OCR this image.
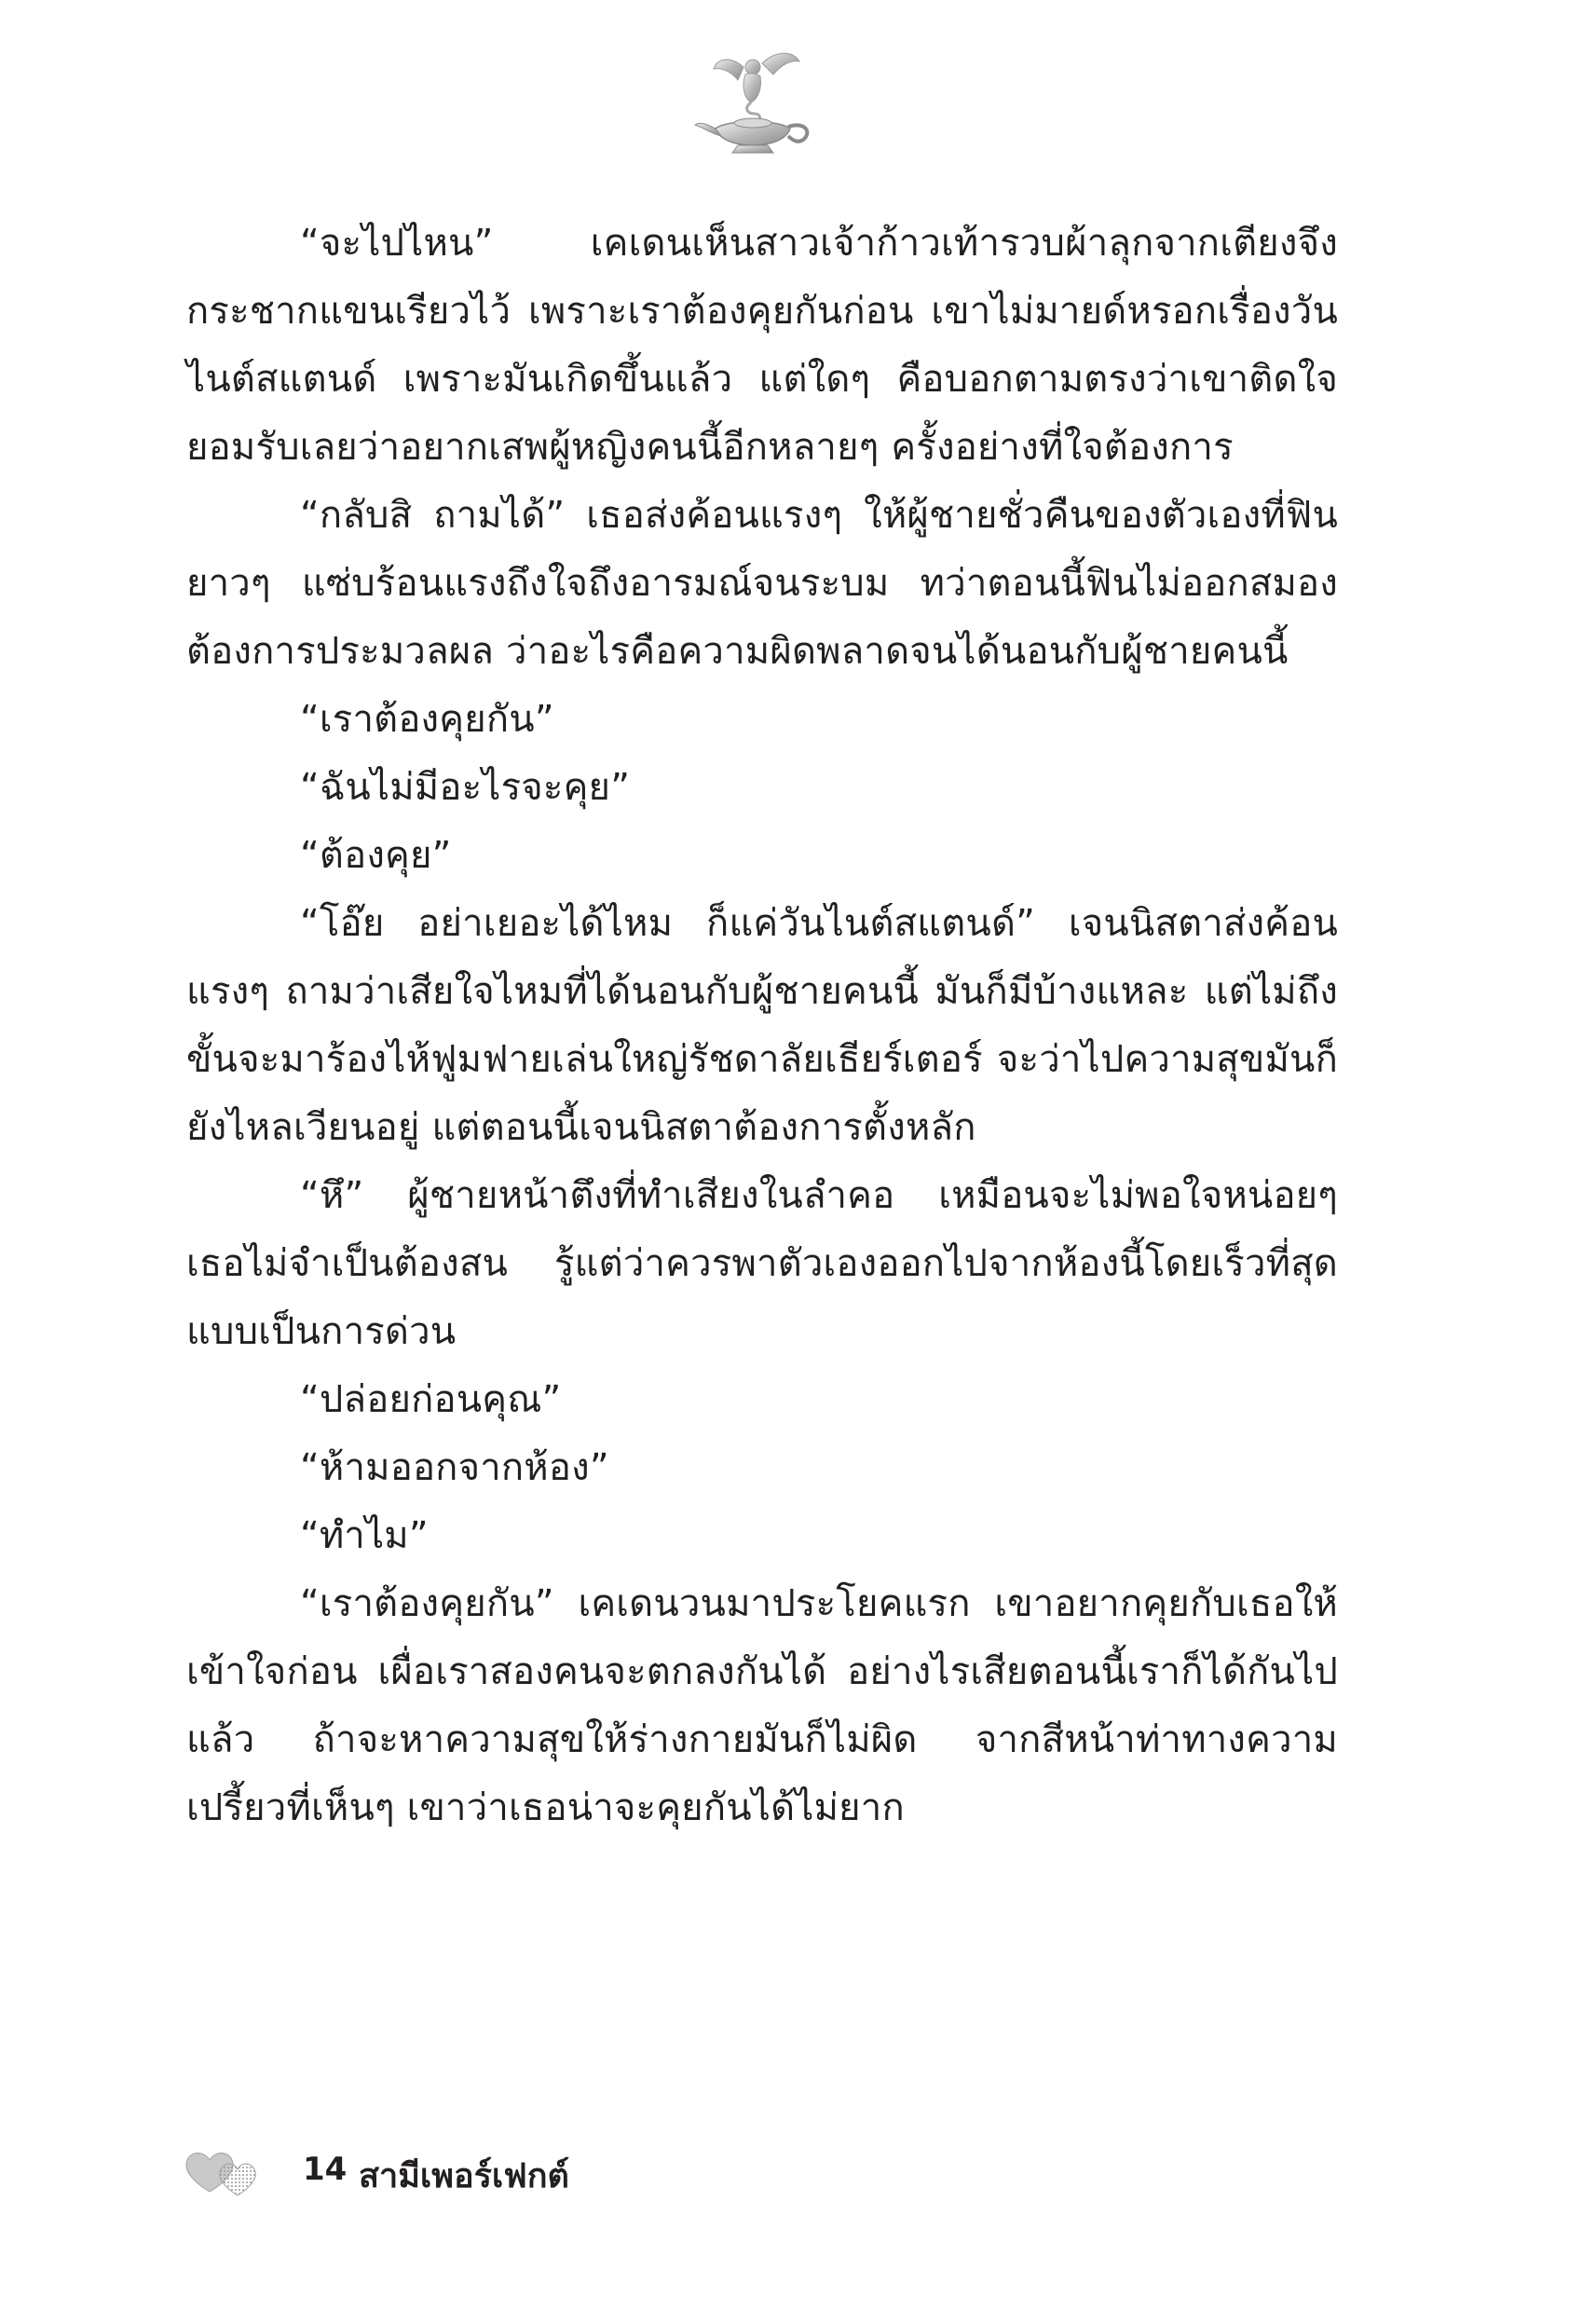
“จะไปไหน” เคเดนเห็นสาวเจ้าก้าวเท้ารวบผ้าลุกจากเตียงจึงกระชากแขนเรียวไว้ เพราะเราต้องคุยกันก่อน เขาไม่มายด์หรอกเรื่องวันไนต์สแตนด์ เพราะมันเกิดขึ้นแล้ว แต่ใดๆ คือบอกตามตรงว่าเขาติดใจ ยอมรับเลยว่าอยากเสพผู้หญิงคนนี้อีกหลายๆ ครั้งอย่างที่ใจต้องการ

“กลับสิ ถามได้” เธอส่งค้อนแรงๆ ให้ผู้ชายชั่วคืนของตัวเองที่ฟินยาวๆ แซ่บร้อนแรงถึงใจถึงอารมณ์จนระบม ทว่าตอนนี้ฟินไม่ออกสมองต้องการประมวลผล ว่าอะไรคือความผิดพลาดจนได้นอนกับผู้ชายคนนี้

“เราต้องคุยกัน”

“ฉันไม่มีอะไรจะคุย”

“ต้องคุย”

“โอ๊ย อย่าเยอะได้ไหม ก็แค่วันไนต์สแตนด์” เจนนิสตาส่งค้อนแรงๆ ถามว่าเสียใจไหมที่ได้นอนกับผู้ชายคนนี้ มันก็มีบ้างแหละ แต่ไม่ถึงขั้นจะมาร้องไห้ฟูมฟายเล่นใหญ่รัชดาลัยเธียร์เตอร์ จะว่าไปความสุขมันก็ยังไหลเวียนอยู่ แต่ตอนนี้เจนนิสตาต้องการตั้งหลัก

“หึ” ผู้ชายหน้าตึงที่ทำเสียงในลำคอ เหมือนจะไม่พอใจหน่อยๆ เธอไม่จำเป็นต้องสน รู้แต่ว่าควรพาตัวเองออกไปจากห้องนี้โดยเร็วที่สุดแบบเป็นการด่วน

“ปล่อยก่อนคุณ”

“ห้ามออกจากห้อง”

“ทำไม”

“เราต้องคุยกัน” เคเดนวนมาประโยคแรก เขาอยากคุยกับเธอให้เข้าใจก่อน เผื่อเราสองคนจะตกลงกันได้ อย่างไรเสียตอนนี้เราก็ได้กันไปแล้ว ถ้าจะหาความสุขให้ร่างกายมันก็ไม่ผิด จากสีหน้าท่าทางความเปรี้ยวที่เห็นๆ เขาว่าเธอน่าจะคุยกันได้ไม่ยาก

14 สามีเพอร์เฟกต์
